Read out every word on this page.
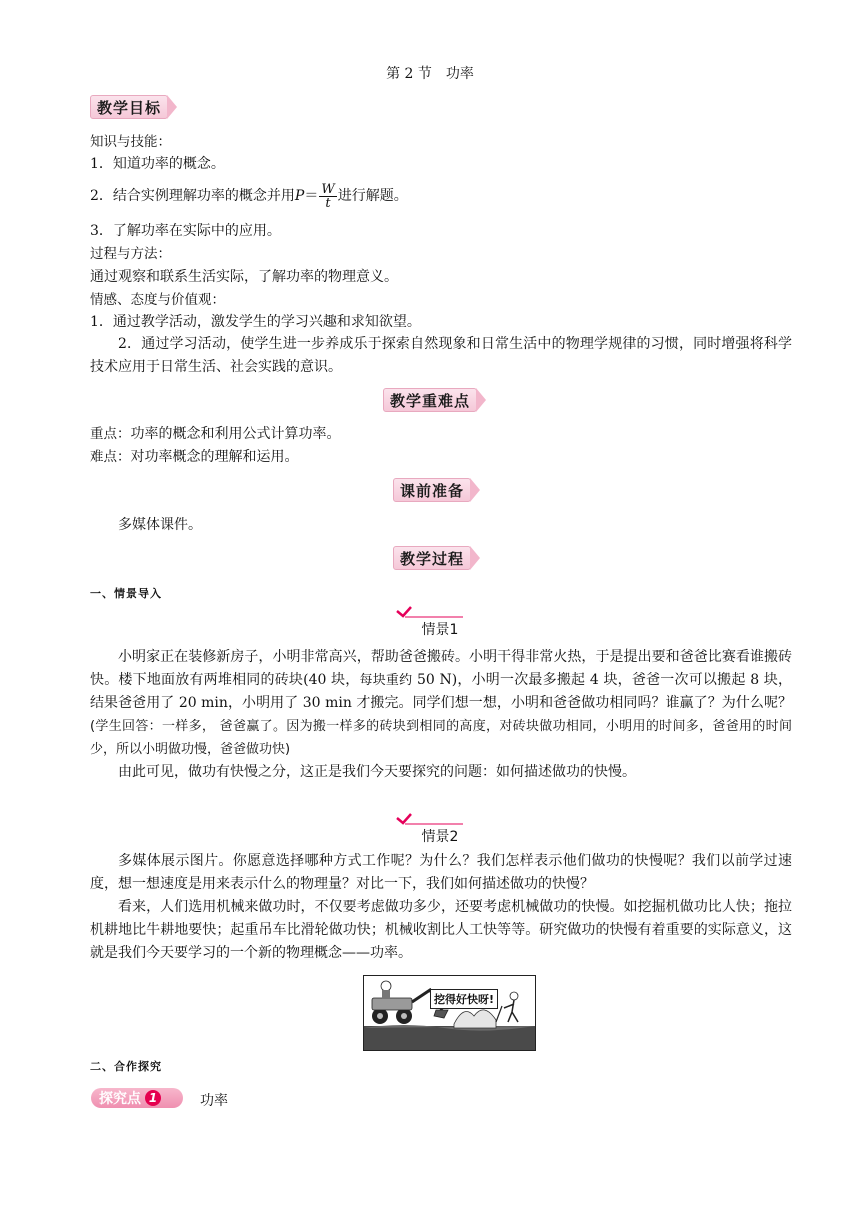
第 2 节　功率
教学目标
知识与技能：
1．知道功率的概念。
2．结合实例理解功率的概念并用 $P = \frac{W}{t}$ 进行解题。
3．了解功率在实际中的应用。
过程与方法：
通过观察和联系生活实际，了解功率的物理意义。
情感、态度与价值观：
1．通过教学活动，激发学生的学习兴趣和求知欲望。
2．通过学习活动，使学生进一步养成乐于探索自然现象和日常生活中的物理学规律的习惯，同时增强将科学技术应用于日常生活、社会实践的意识。
教学重难点
重点：功率的概念和利用公式计算功率。
难点：对功率概念的理解和运用。
课前准备
多媒体课件。
教学过程
一、情景导入
情景1
小明家正在装修新房子，小明非常高兴，帮助爸爸搬砖。小明干得非常火热，于是提出要和爸爸比赛看谁搬砖快。楼下地面放有两堆相同的砖块(40 块，每块重约 50 N)，小明一次最多搬起 4 块，爸爸一次可以搬起 8 块，结果爸爸用了 20 min，小明用了 30 min 才搬完。同学们想一想，小明和爸爸做功相同吗？谁赢了？为什么呢？(学生回答：一样多， 爸爸赢了。因为搬一样多的砖块到相同的高度，对砖块做功相同，小明用的时间多，爸爸用的时间少，所以小明做功慢，爸爸做功快)
由此可见，做功有快慢之分，这正是我们今天要探究的问题：如何描述做功的快慢。
情景2
多媒体展示图片。你愿意选择哪种方式工作呢？为什么？我们怎样表示他们做功的快慢呢？我们以前学过速度，想一想速度是用来表示什么的物理量？对比一下，我们如何描述做功的快慢？
看来，人们选用机械来做功时，不仅要考虑做功多少，还要考虑机械做功的快慢。如挖掘机做功比人快；拖拉机耕地比牛耕地要快；起重吊车比滑轮做功快；机械收割比人工快等等。研究做功的快慢有着重要的实际意义，这就是我们今天要学习的一个新的物理概念——功率。
挖得好快呀!
二、合作探究
探究点 1	功率
